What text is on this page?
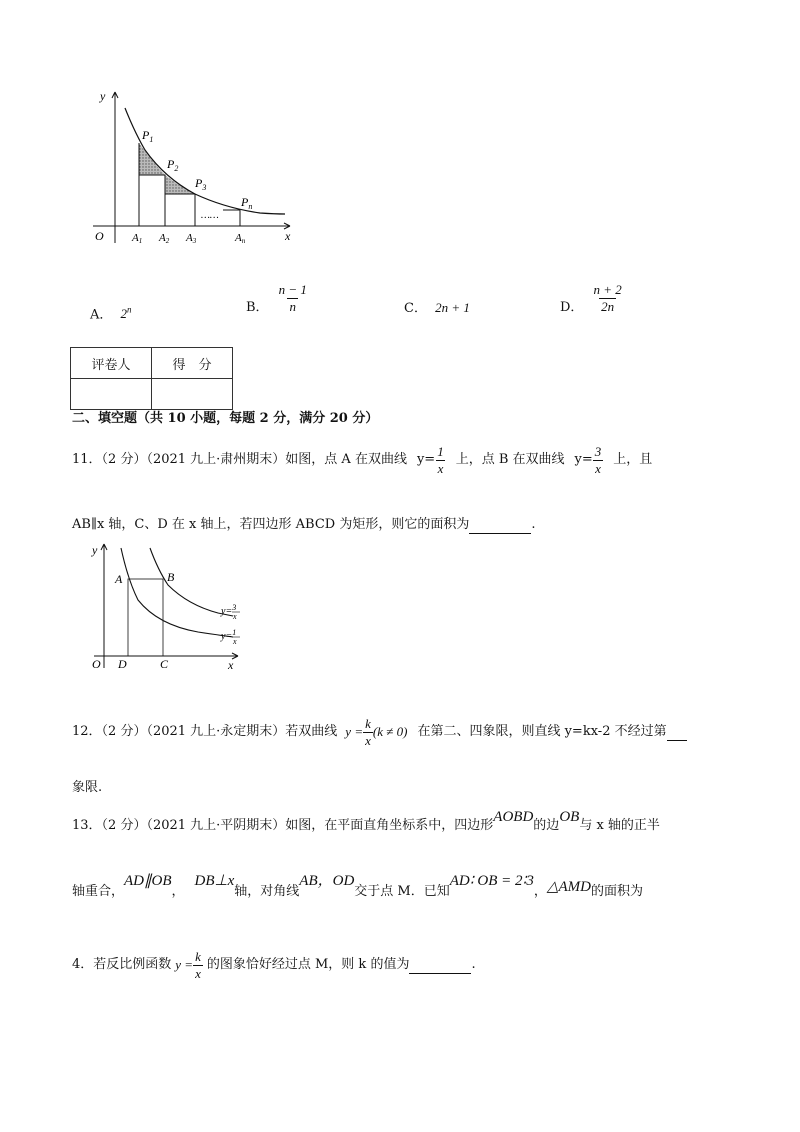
y
x
O
$P_1$
$P_2$
$P_3$
$P_n$
A1 A2 A3	An
……
A． 2$^n$	B． $\frac{n - 1}{n}$	C． 2n + 1	D． $\frac{n + 2}{2n}$
评卷人	得　分

二、填空题（共 10 小题，每题 2 分，满分 20 分）
11．（2 分）（2021 九上·肃州期末）如图，点 A 在双曲线 $y= \frac{1}{x}$ 上，点 B 在双曲线 $y= \frac{3}{x}$ 上，且
AB∥x 轴，C、D 在 x 轴上，若四边形 ABCD 为矩形，则它的面积为	.
y
x
O
A	B
D	C
y=$^3$ x
y=$^1$ x
12．（2 分）（2021 九上·永定期末）若双曲线 $y = \frac{k}{x} (k \ne 0)$ 在第二、四象限，则直线 y=kx-2 不经过第

象限.
13．（2 分）（2021 九上·平阴期末）如图，在平面直角坐标系中，四边形AOBD的边OB与 x 轴的正半
轴重合，AD∥OB，DB⊥x轴，对角线AB，OD交于点 M．已知AD∶ OB = 2∶3，△AMD的面积为
4．若反比例函数 $y = \frac{k}{x}$ 的图象恰好经过点 M，则 k 的值为
	.
